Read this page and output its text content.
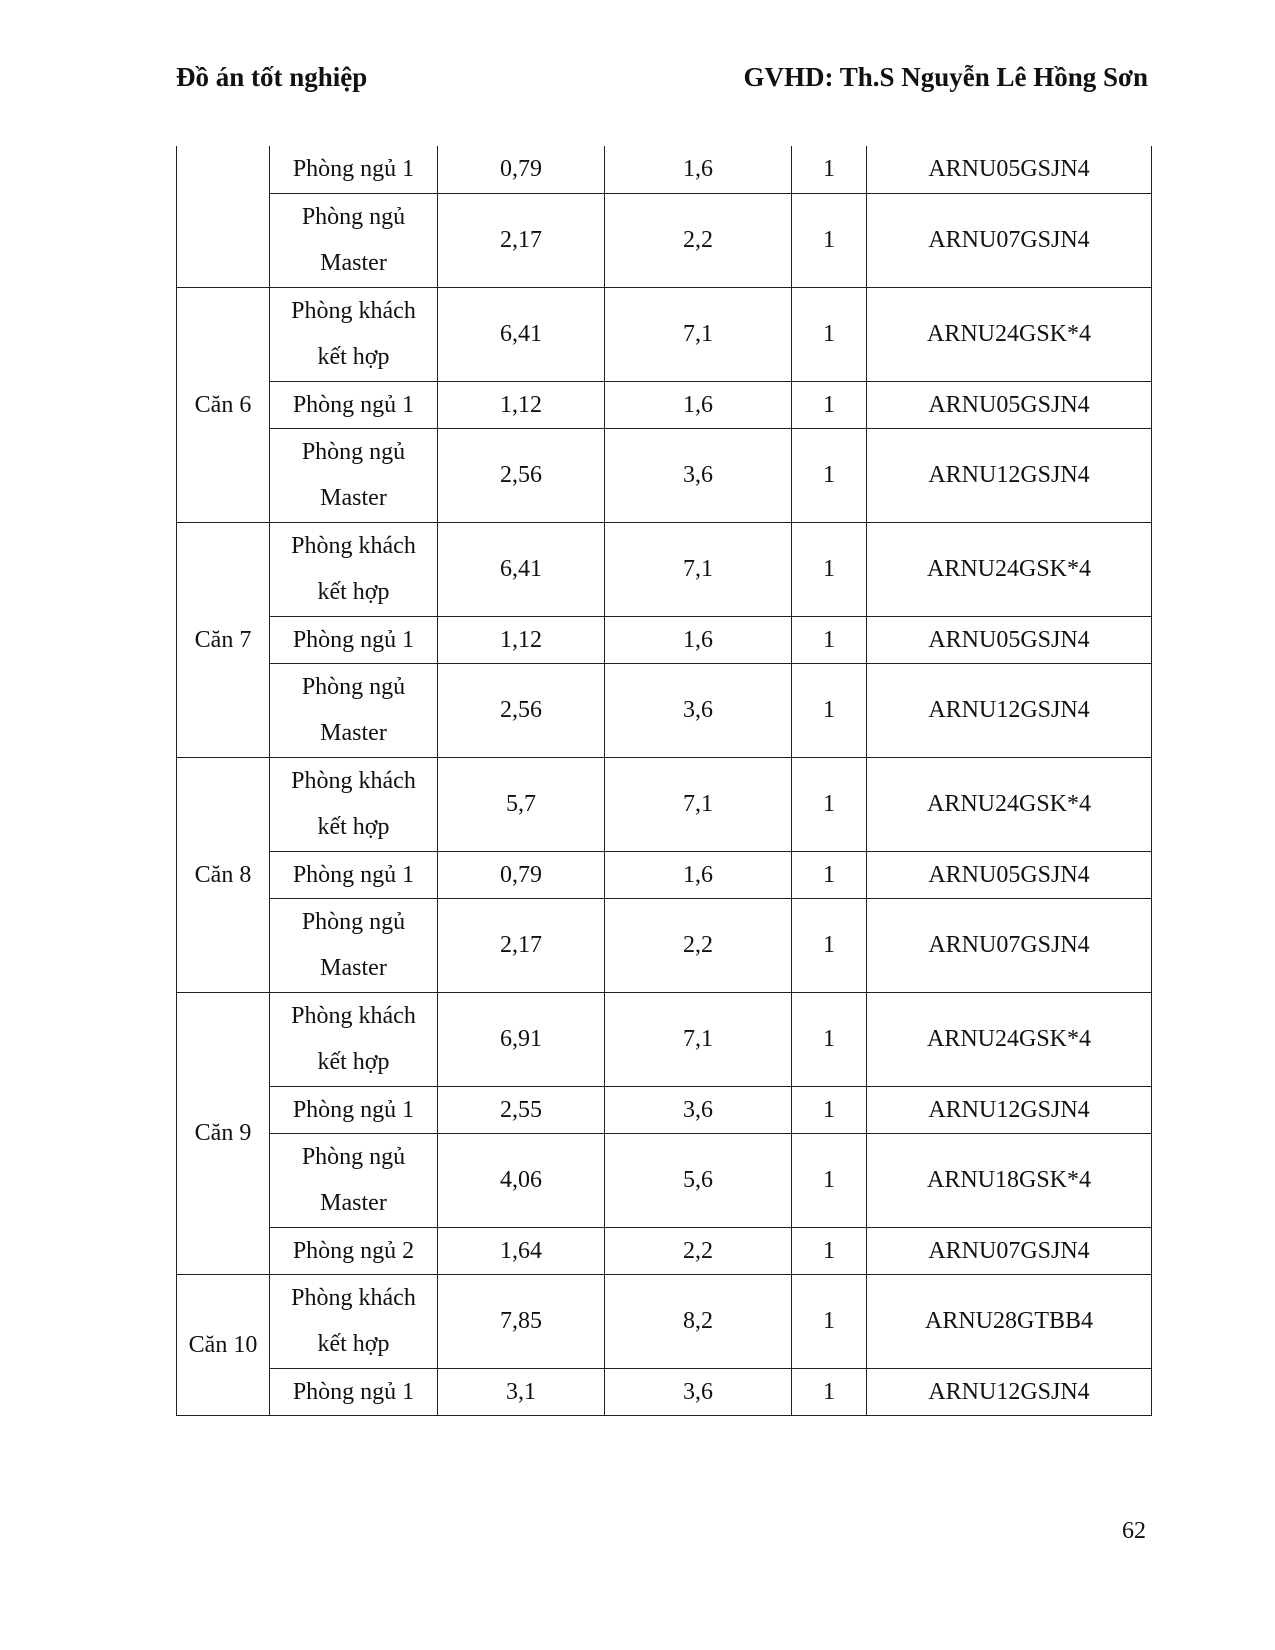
Đồ án tốt nghiệp	GVHD: Th.S Nguyễn Lê Hồng Sơn
	Phòng ngủ 1	0,79	1,6	1	ARNU05GSJN4
	Phòng ngủ Master	2,17	2,2	1	ARNU07GSJN4
Căn 6	Phòng khách kết hợp	6,41	7,1	1	ARNU24GSK*4
	Phòng ngủ 1	1,12	1,6	1	ARNU05GSJN4
	Phòng ngủ Master	2,56	3,6	1	ARNU12GSJN4
Căn 7	Phòng khách kết hợp	6,41	7,1	1	ARNU24GSK*4
	Phòng ngủ 1	1,12	1,6	1	ARNU05GSJN4
	Phòng ngủ Master	2,56	3,6	1	ARNU12GSJN4
Căn 8	Phòng khách kết hợp	5,7	7,1	1	ARNU24GSK*4
	Phòng ngủ 1	0,79	1,6	1	ARNU05GSJN4
	Phòng ngủ Master	2,17	2,2	1	ARNU07GSJN4
Căn 9	Phòng khách kết hợp	6,91	7,1	1	ARNU24GSK*4
	Phòng ngủ 1	2,55	3,6	1	ARNU12GSJN4
	Phòng ngủ Master	4,06	5,6	1	ARNU18GSK*4
	Phòng ngủ 2	1,64	2,2	1	ARNU07GSJN4
Căn 10	Phòng khách kết hợp	7,85	8,2	1	ARNU28GTBB4
	Phòng ngủ 1	3,1	3,6	1	ARNU12GSJN4
62
